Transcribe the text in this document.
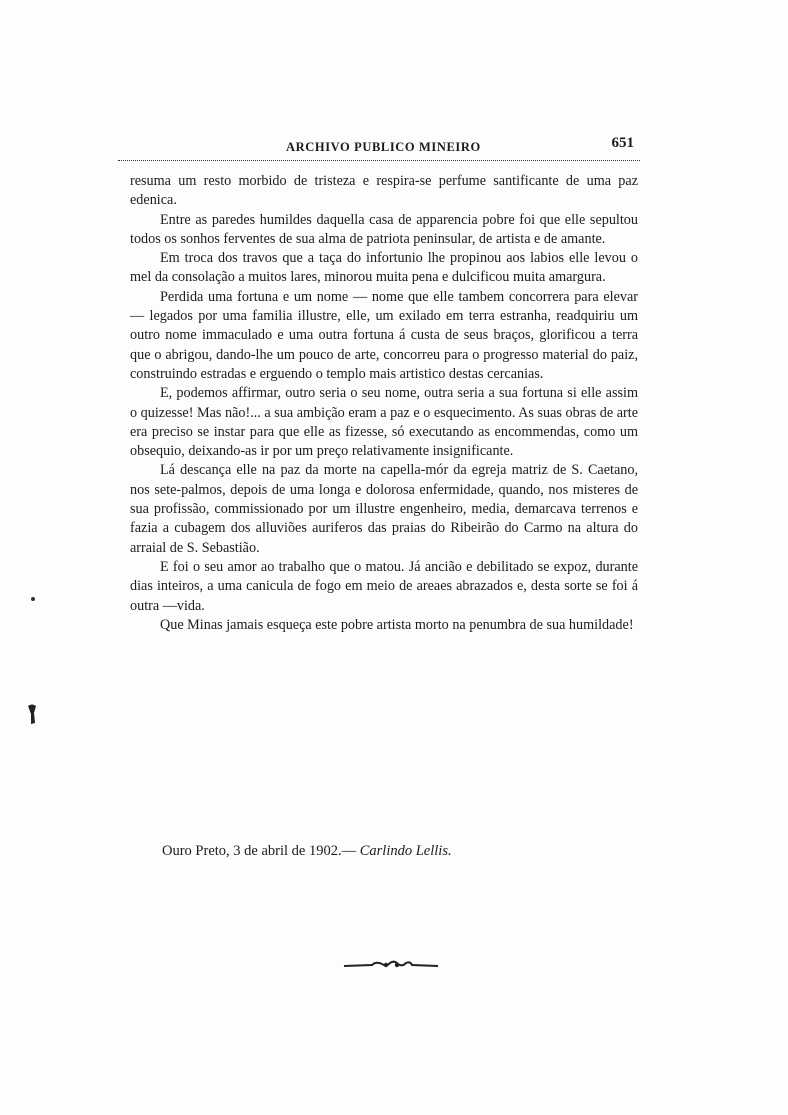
ARCHIVO PUBLICO MINEIRO	651

resuma um resto morbido de tristeza e respira-se perfume santificante de uma paz edenica.

Entre as paredes humildes daquella casa de apparencia pobre foi que elle sepultou todos os sonhos ferventes de sua alma de patriota peninsular, de artista e de amante.

Em troca dos travos que a taça do infortunio lhe propinou aos labios elle levou o mel da consolação a muitos lares, minorou muita pena e dulcificou muita amargura.

Perdida uma fortuna e um nome — nome que elle tambem concorrera para elevar — legados por uma familia illustre, elle, um exilado em terra estranha, readquiriu um outro nome immaculado e uma outra fortuna á custa de seus braços, glorificou a terra que o abrigou, dando-lhe um pouco de arte, concorreu para o progresso material do paiz, construindo estradas e erguendo o templo mais artistico destas cercanias.

E, podemos affirmar, outro seria o seu nome, outra seria a sua fortuna si elle assim o quizesse! Mas não!... a sua ambição eram a paz e o esquecimento. As suas obras de arte era preciso se instar para que elle as fizesse, só executando as encommendas, como um obsequio, deixando-as ir por um preço relativamente insignificante.

Lá descança elle na paz da morte na capella-mór da egreja matriz de S. Caetano, nos sete-palmos, depois de uma longa e dolorosa enfermidade, quando, nos misteres de sua profissão, commissionado por um illustre engenheiro, media, demarcava terrenos e fazia a cubagem dos alluviões auriferos das praias do Ribeirão do Carmo na altura do arraial de S. Sebastião.

E foi o seu amor ao trabalho que o matou. Já ancião e debilitado se expoz, durante dias inteiros, a uma canicula de fogo em meio de areaes abrazados e, desta sorte se foi á outra —vida.

Que Minas jamais esqueça este pobre artista morto na penumbra de sua humildade!

Ouro Preto, 3 de abril de 1902.— Carlindo Lellis.
